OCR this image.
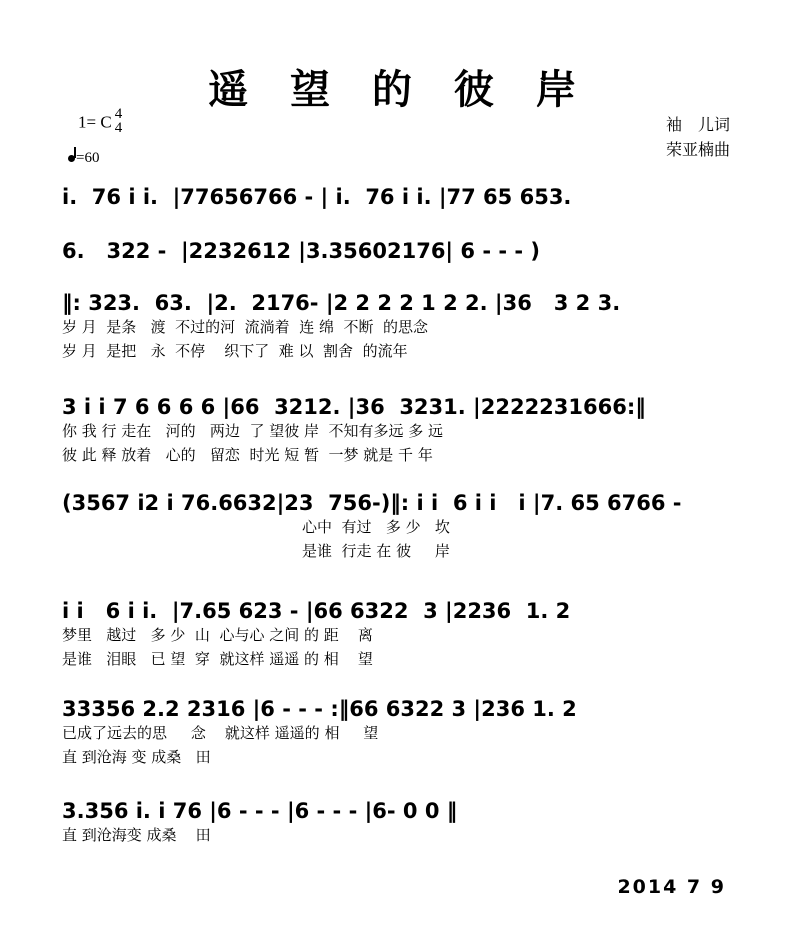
遥 望 的 彼 岸
1= C 4
4
=60
袖　儿词
荣亚楠曲
i.  76 i i.  |77656766 - | i.  76 i i. |77 65 653.
6.   322 -  |2232612 |3.35602176| 6 - - - )
‖: 323.  63.  |2.  2176- |2 2 2 2 1 2 2. |36   3 2 3.
岁 月  是条   渡  不过的河  流淌着  连 绵  不断  的思念
岁 月  是把   永  不停    织下了  难 以  割舍  的流年
3 i i 7 6 6 6 6 |66  3212. |36  3231. |2222231666:‖
你 我 行 走在   河的   两边  了 望彼 岸  不知有多远 多 远
彼 此 释 放着   心的   留恋  时光 短 暂  一梦 就是 千 年
(3567 i2 i 76.6632|23  756-)‖: i i  6 i i   i |7. 65 6766 -
心中  有过   多 少   坎
是谁  行走 在 彼     岸
i i   6 i i.  |7.65 623 - |66 6322  3 |2236  1. 2
梦里   越过   多 少  山  心与心 之间 的 距    离
是谁   泪眼   已 望  穿  就这样 遥遥 的 相    望
33356 2.2 2316 |6 - - - :‖66 6322 3 |236 1. 2
已成了远去的思     念    就这样 遥遥的 相     望
直 到沧海 变 成桑   田
3.356 i. i 76 |6 - - - |6 - - - |6- 0 0 ‖
直 到沧海变 成桑    田
2014 7 9
